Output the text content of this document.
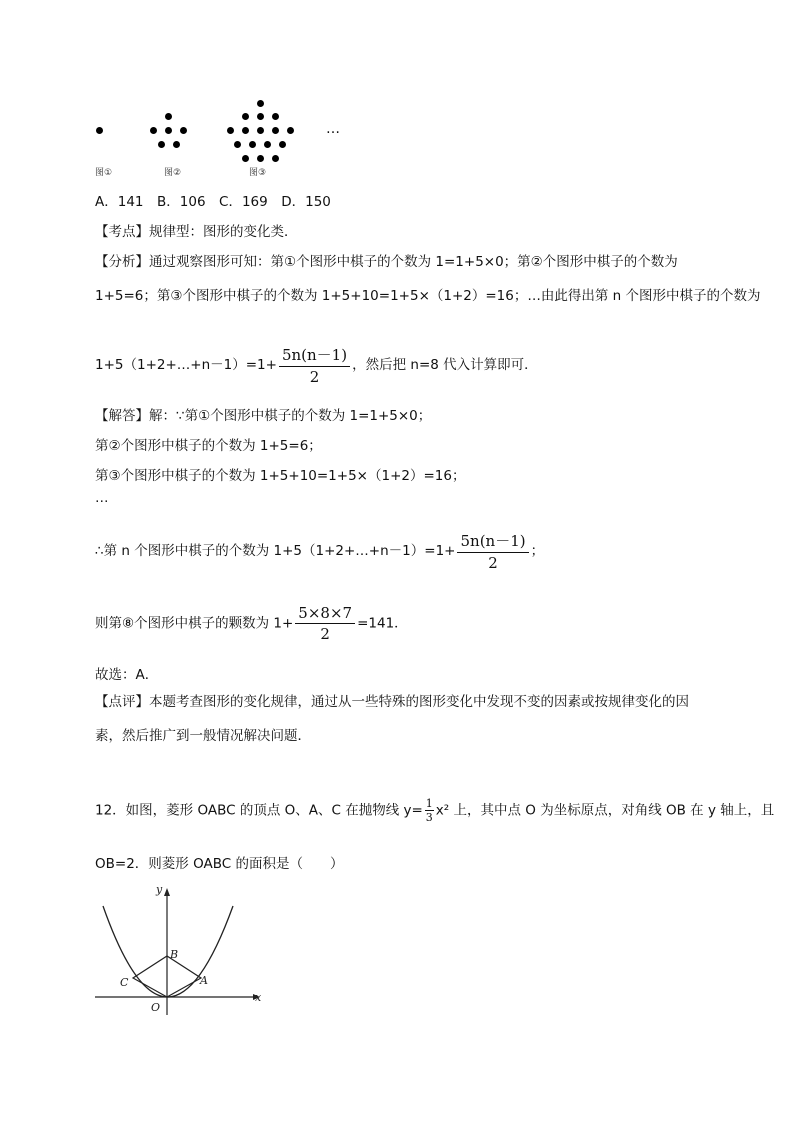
…
图①	图②	图③
A．141　B．106　C．169　D．150
【考点】规律型：图形的变化类．
【分析】通过观察图形可知：第①个图形中棋子的个数为 1=1+5×0；第②个图形中棋子的个数为
1+5=6；第③个图形中棋子的个数为 1+5+10=1+5×（1+2）=16；…由此得出第 n 个图形中棋子的个数为
1+5（1+2+…+n－1）=1+ $\frac{5n(n-1)}{2}$ ，然后把 n=8 代入计算即可．
【解答】解：∵第①个图形中棋子的个数为 1=1+5×0；
第②个图形中棋子的个数为 1+5=6；
第③个图形中棋子的个数为 1+5+10=1+5×（1+2）=16；
…
∴第 n 个图形中棋子的个数为 1+5（1+2+…+n－1）=1+ $\frac{5n(n-1)}{2}$ ；
则第⑧个图形中棋子的颗数为 $1+ \frac{5\times 8\times 7}{2} =141$．
故选：A．
【点评】本题考查图形的变化规律，通过从一些特殊的图形变化中发现不变的因素或按规律变化的因
素，然后推广到一般情况解决问题．
12．如图，菱形 OABC 的顶点 O、A、C 在抛物线 $y= \frac{1}{3} x^2$ 上，其中点 O 为坐标原点，对角线 OB 在 y 轴上，且
OB=2．则菱形 OABC 的面积是（　　）
y
x
B
C	A
O
